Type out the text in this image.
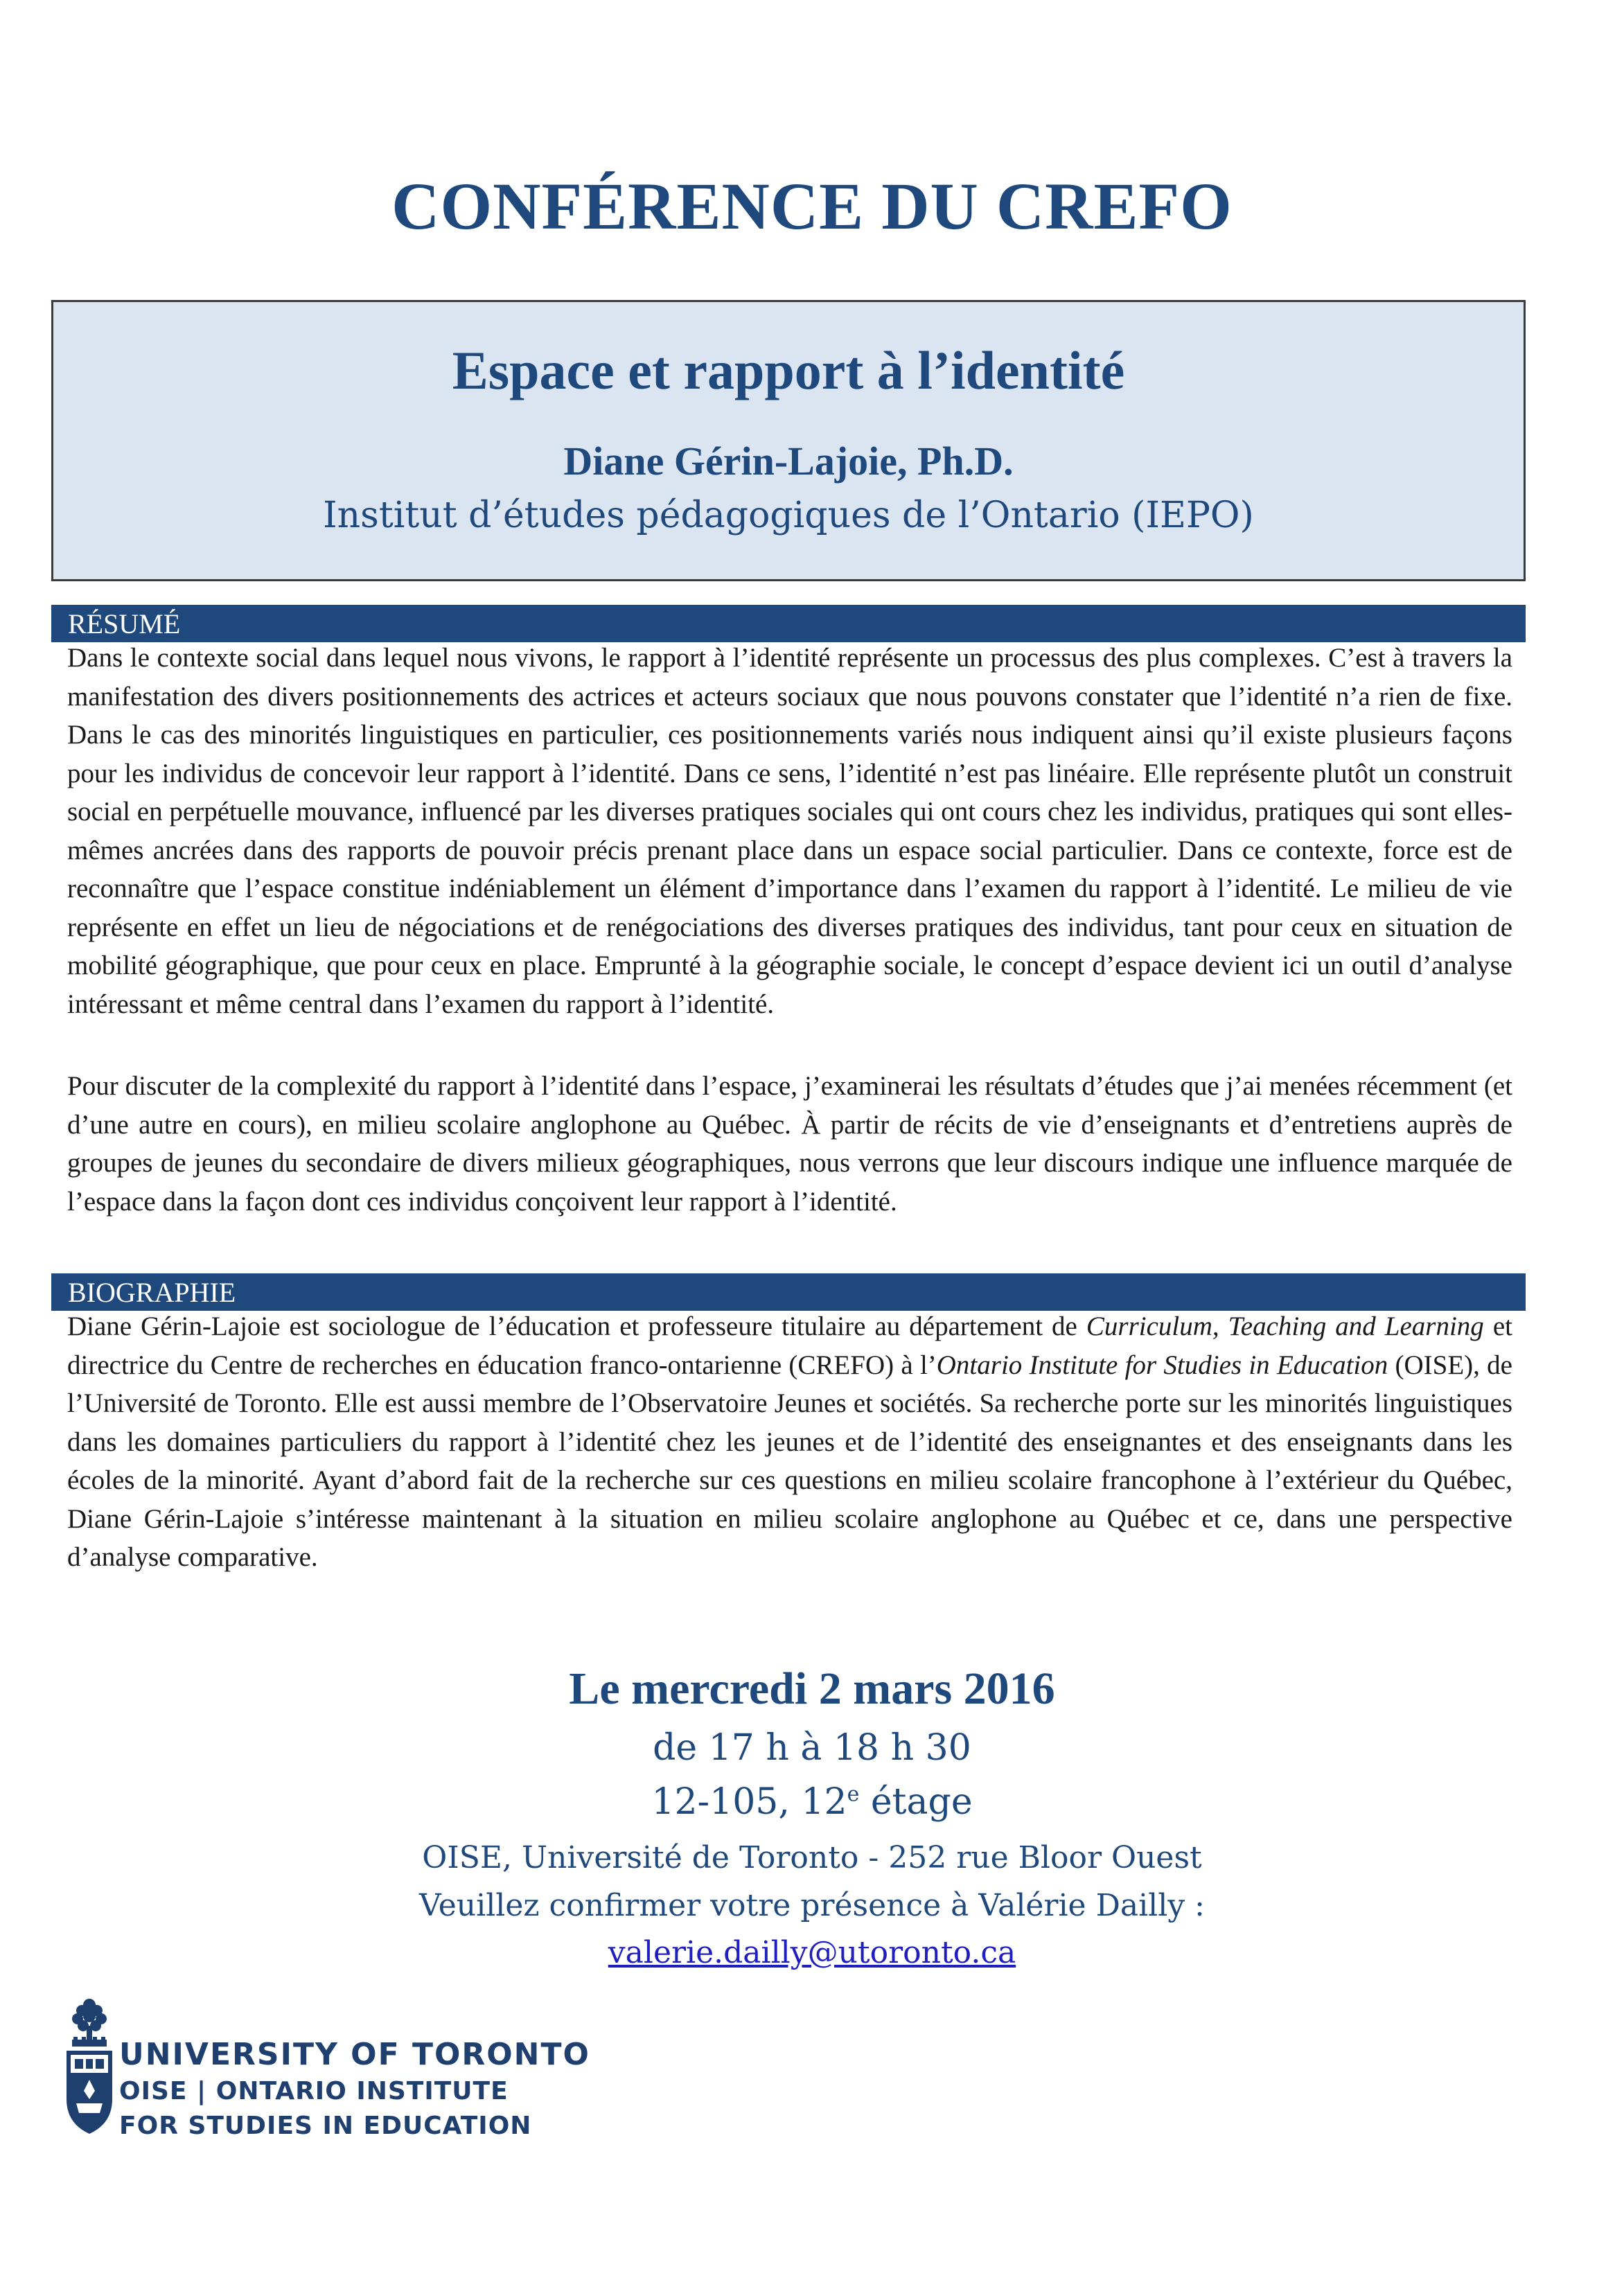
CONFÉRENCE DU CREFO
Espace et rapport à l’identité
Diane Gérin-Lajoie, Ph.D.
Institut d’études pédagogiques de l’Ontario (IEPO)
RÉSUMÉ

Dans le contexte social dans lequel nous vivons, le rapport à l’identité représente un processus des plus complexes. C’est à travers la manifestation des divers positionnements des actrices et acteurs sociaux que nous pouvons constater que l’identité n’a rien de fixe. Dans le cas des minorités linguistiques en particulier, ces positionnements variés nous indiquent ainsi qu’il existe plusieurs façons pour les individus de concevoir leur rapport à l’identité. Dans ce sens, l’identité n’est pas linéaire. Elle représente plutôt un construit social en perpétuelle mouvance, influencé par les diverses pratiques sociales qui ont cours chez les individus, pratiques qui sont elles-mêmes ancrées dans des rapports de pouvoir précis prenant place dans un espace social particulier. Dans ce contexte, force est de reconnaître que l’espace constitue indéniablement un élément d’importance dans l’examen du rapport à l’identité. Le milieu de vie représente en effet un lieu de négociations et de renégociations des diverses pratiques des individus, tant pour ceux en situation de mobilité géographique, que pour ceux en place. Emprunté à la géographie sociale, le concept d’espace devient ici un outil d’analyse intéressant et même central dans l’examen du rapport à l’identité.

Pour discuter de la complexité du rapport à l’identité dans l’espace, j’examinerai les résultats d’études que j’ai menées récemment (et d’une autre en cours), en milieu scolaire anglophone au Québec. À partir de récits de vie d’enseignants et d’entretiens auprès de groupes de jeunes du secondaire de divers milieux géographiques, nous verrons que leur discours indique une influence marquée de l’espace dans la façon dont ces individus conçoivent leur rapport à l’identité.

BIOGRAPHIE

Diane Gérin-Lajoie est sociologue de l’éducation et professeure titulaire au département de Curriculum, Teaching and Learning et directrice du Centre de recherches en éducation franco-ontarienne (CREFO) à l’Ontario Institute for Studies in Education (OISE), de l’Université de Toronto. Elle est aussi membre de l’Observatoire Jeunes et sociétés. Sa recherche porte sur les minorités linguistiques dans les domaines particuliers du rapport à l’identité chez les jeunes et de l’identité des enseignantes et des enseignants dans les écoles de la minorité. Ayant d’abord fait de la recherche sur ces questions en milieu scolaire francophone à l’extérieur du Québec, Diane Gérin-Lajoie s’intéresse maintenant à la situation en milieu scolaire anglophone au Québec et ce, dans une perspective d’analyse comparative.

Le mercredi 2 mars 2016
de 17 h à 18 h 30
12-105, 12e étage
OISE, Université de Toronto - 252 rue Bloor Ouest
Veuillez confirmer votre présence à Valérie Dailly :
valerie.dailly@utoronto.ca
UNIVERSITY OF TORONTO
OISE | ONTARIO INSTITUTE
FOR STUDIES IN EDUCATION
